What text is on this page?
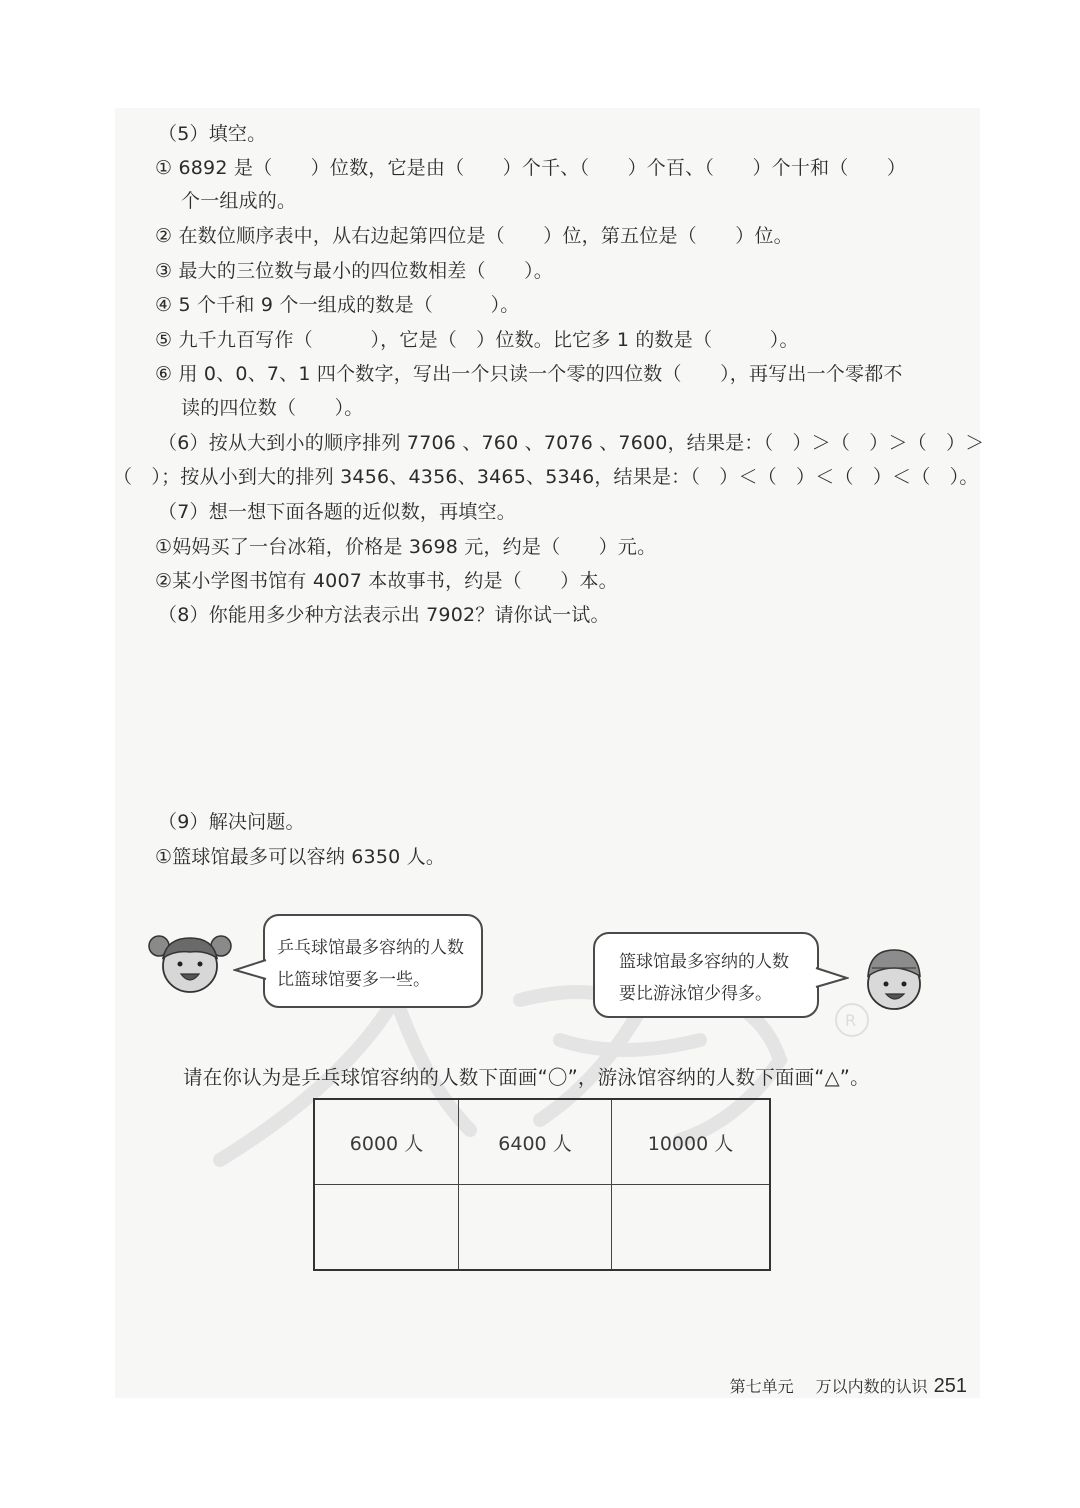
R
（5）填空。
① 6892 是（　　）位数，它是由（　　）个千、（　　）个百、（　　）个十和（　　）
个一组成的。
② 在数位顺序表中，从右边起第四位是（　　）位，第五位是（　　）位。
③ 最大的三位数与最小的四位数相差（　　）。
④ 5 个千和 9 个一组成的数是（　　　）。
⑤ 九千九百写作（　　　），它是（　）位数。比它多 1 的数是（　　　）。
⑥ 用 0、0、7、1 四个数字，写出一个只读一个零的四位数（　　），再写出一个零都不
读的四位数（　　）。
（6）按从大到小的顺序排列 7706 、760 、7076 、7600，结果是：（　）＞（　）＞（　）＞
（　）；按从小到大的排列 3456、4356、3465、5346，结果是：（　）＜（　）＜（　）＜（　）。
（7）想一想下面各题的近似数，再填空。
①妈妈买了一台冰箱，价格是 3698 元，约是（　　）元。
②某小学图书馆有 4007 本故事书，约是（　　）本。
（8）你能用多少种方法表示出 7902？请你试一试。
（9）解决问题。
①篮球馆最多可以容纳 6350 人。
乒乓球馆最多容纳的人数
比篮球馆要多一些。
篮球馆最多容纳的人数
要比游泳馆少得多。
请在你认为是乒乓球馆容纳的人数下面画“〇”，游泳馆容纳的人数下面画“△”。
6000 人	6400 人	10000 人

第七单元 万以内数的认识 251
